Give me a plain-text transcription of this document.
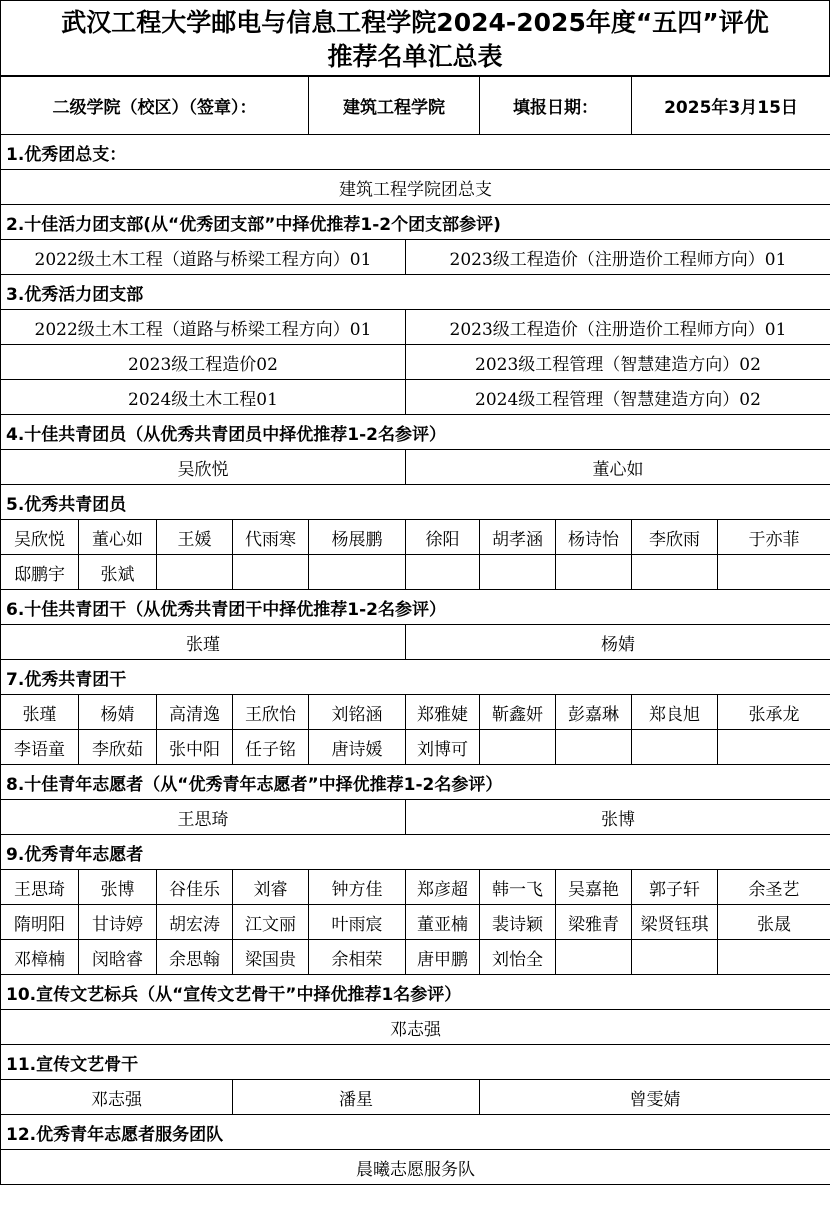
武汉工程大学邮电与信息工程学院2024-2025年度“五四”评优
推荐名单汇总表
二级学院（校区）（签章）：				建筑工程学院		填报日期：		2025年3月15日	
1.优秀团总支：									
建筑工程学院团总支									
2.十佳活力团支部(从“优秀团支部”中择优推荐1-2个团支部参评)									
2022级土木工程（道路与桥梁工程方向）01					2023级工程造价（注册造价工程师方向）01				
3.优秀活力团支部									
2022级土木工程（道路与桥梁工程方向）01					2023级工程造价（注册造价工程师方向）01				
2023级工程造价02					2023级工程管理（智慧建造方向）02				
2024级土木工程01					2024级工程管理（智慧建造方向）02				
4.十佳共青团员（从优秀共青团员中择优推荐1-2名参评）									
吴欣悦					董心如				
5.优秀共青团员									
吴欣悦	董心如	王媛	代雨寒	杨展鹏	徐阳	胡孝涵	杨诗怡	李欣雨	于亦菲
邸鹏宇	张斌								
6.十佳共青团干（从优秀共青团干中择优推荐1-2名参评）									
张瑾					杨婧				
7.优秀共青团干									
张瑾	杨婧	高清逸	王欣怡	刘铭涵	郑雅婕	靳鑫妍	彭嘉琳	郑良旭	张承龙
李语童	李欣茹	张中阳	任子铭	唐诗媛	刘博可				
8.十佳青年志愿者（从“优秀青年志愿者”中择优推荐1-2名参评）									
王思琦					张博				
9.优秀青年志愿者									
王思琦	张博	谷佳乐	刘睿	钟方佳	郑彦超	韩一飞	吴嘉艳	郭子轩	余圣艺
隋明阳	甘诗婷	胡宏涛	江文丽	叶雨宸	董亚楠	裴诗颖	梁雅青	梁贤钰琪	张晟
邓樟楠	闵晗睿	余思翰	梁国贵	余相荣	唐甲鹏	刘怡全			
10.宣传文艺标兵（从“宣传文艺骨干”中择优推荐1名参评）									
邓志强									
11.宣传文艺骨干									
邓志强			潘星			曾雯婧			
12.优秀青年志愿者服务团队									
晨曦志愿服务队									
